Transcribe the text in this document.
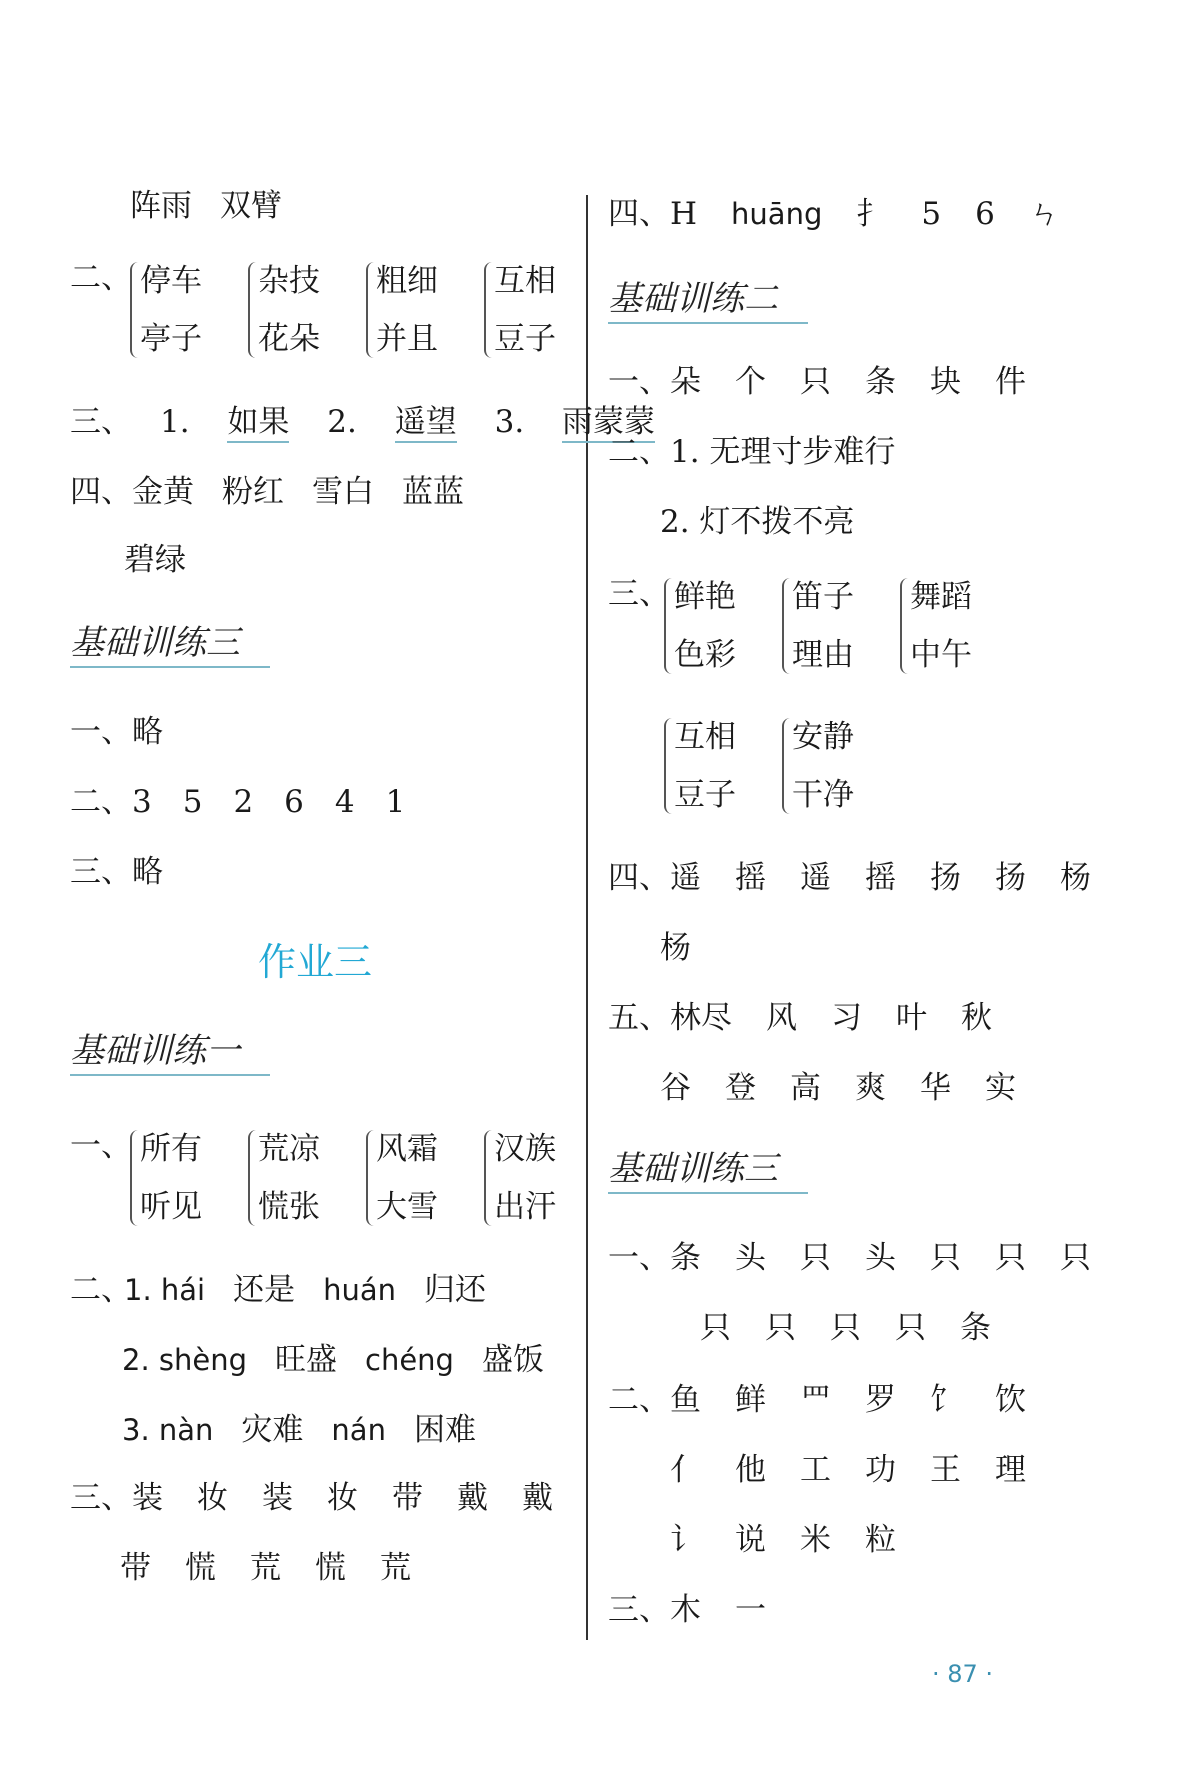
阵雨 双臂
二、 停车
亭子
杂技
花朵
粗细
并且
互相
豆子
三、 1. 如果 2. 遥望 3. 雨蒙蒙
四、金黄 粉红 雪白 蓝蓝
碧绿
基础训练三
一、略
二、3　5　2　6　4　1
三、略
作业三
基础训练一
一、 所有
听见
荒凉
慌张
风霜
大雪
汉族
出汗
二、
1. hái 还是 huán 归还
2. shèng 旺盛 chéng 盛饭
3. nàn 灾难 nán 困难
三、装 妆 装 妆 带 戴 戴
带 慌 荒 慌 荒
四、H huāng 扌 5 6 ㄣ
基础训练二
一、朵 个 只 条 块 件
二、1. 无理寸步难行
2. 灯不拨不亮
三、 鲜艳
色彩
笛子
理由
舞蹈
中午
互相
豆子
安静
干净
四、遥 摇 遥 摇 扬 扬 杨
杨
五、林尽 风 习 叶 秋
谷 登 高 爽 华 实
基础训练三
一、条 头 只 头 只 只 只
只 只 只 只 条
二、鱼 鲜 罒 罗 饣 饮
亻 他 工 功 王 理
讠 说 米 粒
三、木 一
· 87 ·
